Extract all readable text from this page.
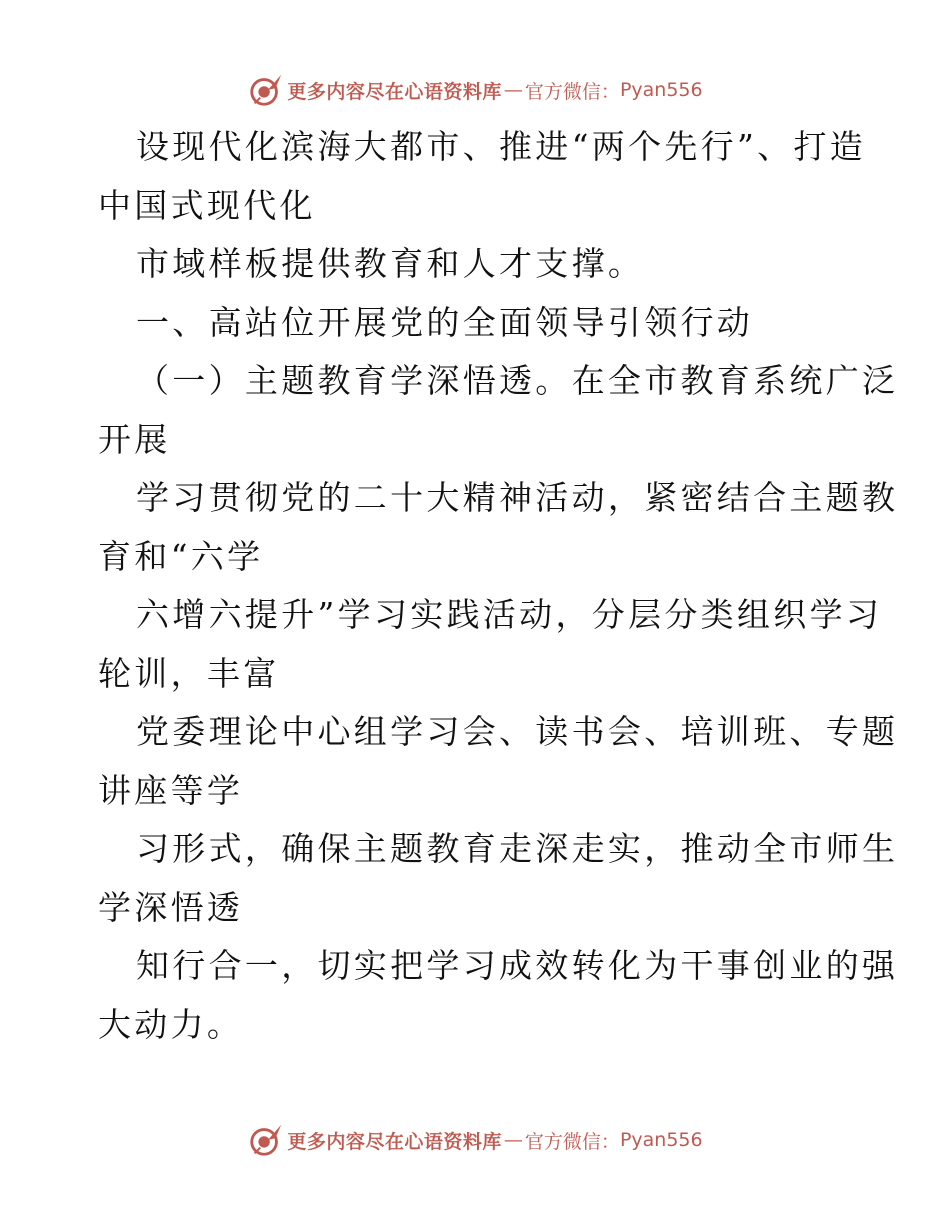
更多内容尽在心语资料库 — 官方微信： Pyan556
设现代化滨海大都市、推进“两个先行”、打造
中国式现代化
市域样板提供教育和人才支撑。
一、高站位开展党的全面领导引领行动
（一）主题教育学深悟透。在全市教育系统广泛
开展
学习贯彻党的二十大精神活动，紧密结合主题教
育和“六学
六增六提升”学习实践活动，分层分类组织学习
轮训，丰富
党委理论中心组学习会、读书会、培训班、专题
讲座等学
习形式，确保主题教育走深走实，推动全市师生
学深悟透
知行合一，切实把学习成效转化为干事创业的强
大动力。
更多内容尽在心语资料库 — 官方微信： Pyan556
